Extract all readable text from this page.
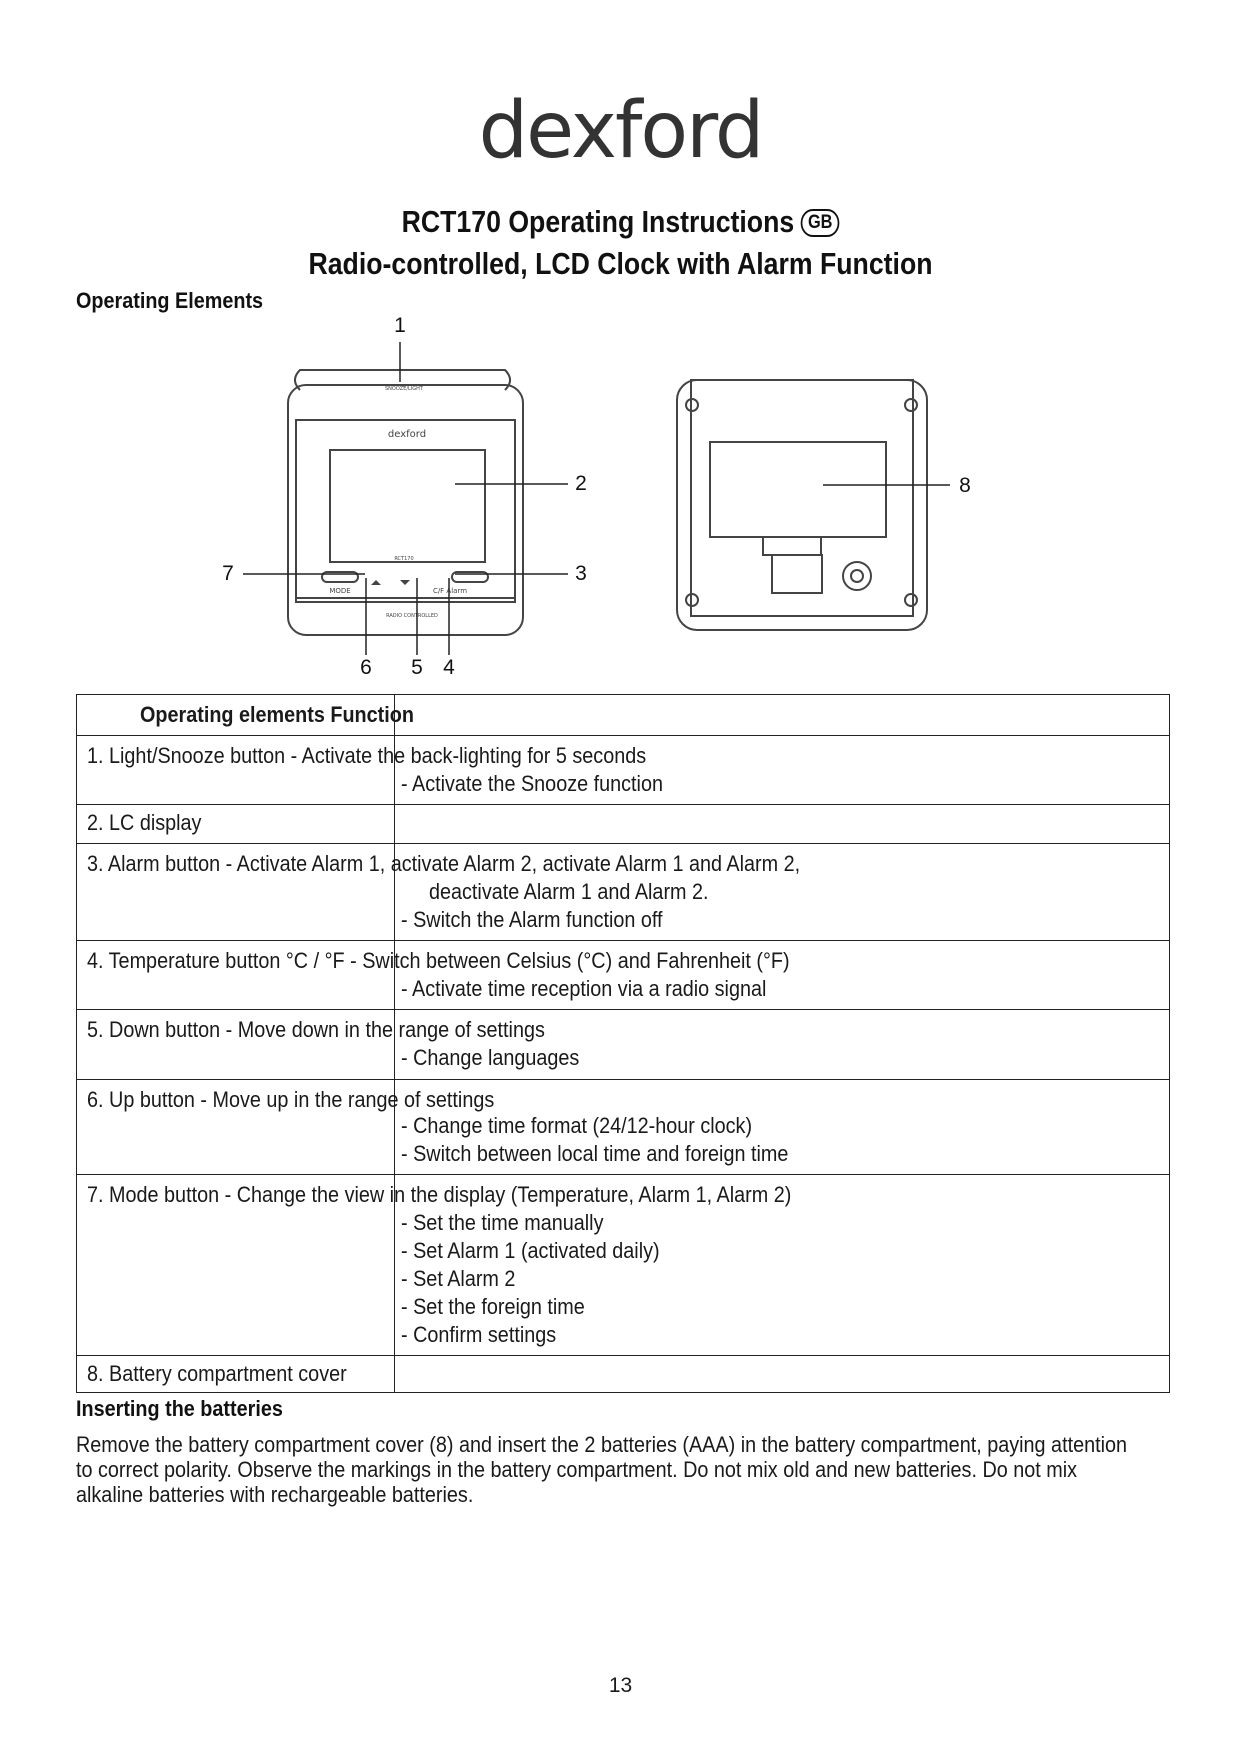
dexford
RCT170 Operating Instructions GB
Radio-controlled, LCD Clock with Alarm Function
Operating Elements
SNOOZE/LIGHT
dexford
RCT170
MODE	C/F Alarm
RADIO CONTROLLED
1
2
3
4
5
6
7
8
Operating elements Function
1. Light/Snooze button - Activate the back-lighting for 5 seconds
- Activate the Snooze function
2. LC display
3. Alarm button - Activate Alarm 1, activate Alarm 2, activate Alarm 1 and Alarm 2,
deactivate Alarm 1 and Alarm 2.
- Switch the Alarm function off
4. Temperature button °C / °F - Switch between Celsius (°C) and Fahrenheit (°F)
- Activate time reception via a radio signal
5. Down button - Move down in the range of settings
- Change languages
6. Up button - Move up in the range of settings
- Change time format (24/12-hour clock)
- Switch between local time and foreign time
7. Mode button - Change the view in the display (Temperature, Alarm 1, Alarm 2)
- Set the time manually
- Set Alarm 1 (activated daily)
- Set Alarm 2
- Set the foreign time
- Confirm settings
8. Battery compartment cover
Inserting the batteries
Remove the battery compartment cover (8) and insert the 2 batteries (AAA) in the battery compartment, paying attention
to correct polarity. Observe the markings in the battery compartment. Do not mix old and new batteries. Do not mix
alkaline batteries with rechargeable batteries.
13
